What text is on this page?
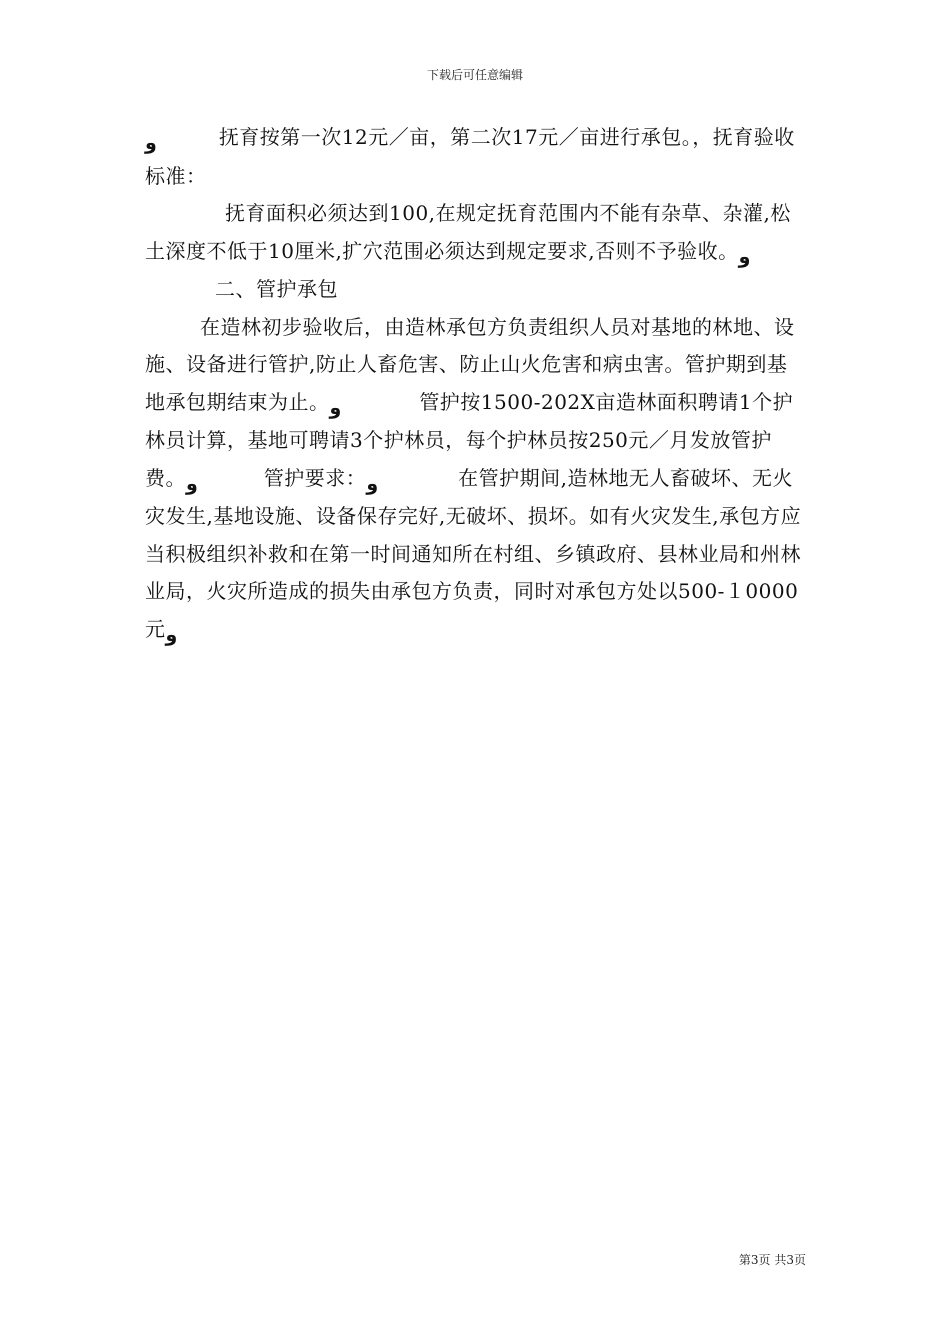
下载后可任意编辑

ﻭ	抚育按第一次12元／亩，第二次17元／亩进行承包。，抚育验收标准：

抚育面积必须达到100,在规定抚育范围内不能有杂草、杂灌,松土深度不低于10厘米,扩穴范围必须达到规定要求,否则不予验收。ﻭ二、管护承包

在造林初步验收后，由造林承包方负责组织人员对基地的林地、设施、设备进行管护,防止人畜危害、防止山火危害和病虫害。管护期到基地承包期结束为止。ﻭ	管护按1500-202X亩造林面积聘请1个护林员计算，基地可聘请3个护林员，每个护林员按250元／月发放管护费。ﻭ	管护要求：ﻭ	在管护期间,造林地无人畜破坏、无火灾发生,基地设施、设备保存完好,无破坏、损坏。如有火灾发生,承包方应当积极组织补救和在第一时间通知所在村组、乡镇政府、县林业局和州林业局，火灾所造成的损失由承包方负责，同时对承包方处以500-１0000元ﻭ

第3页 共3页
